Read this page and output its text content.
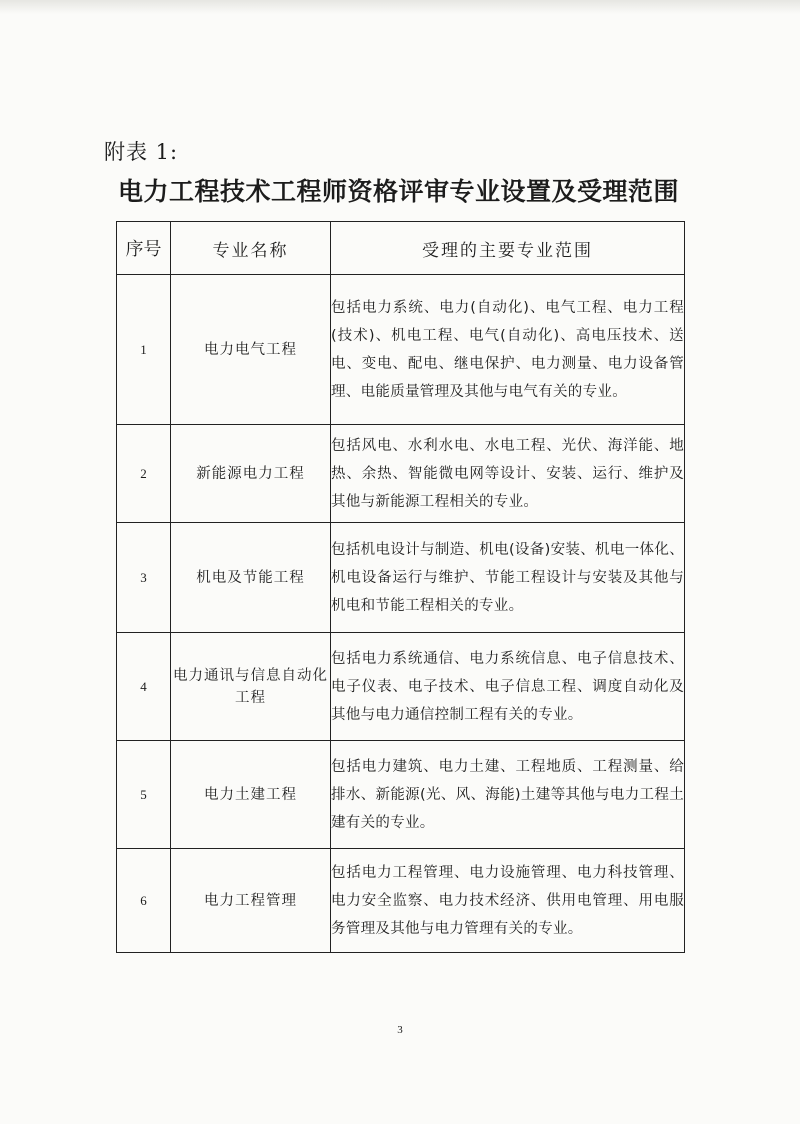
附表 1:
电力工程技术工程师资格评审专业设置及受理范围
序号	专业名称	受理的主要专业范围
1	电力电气工程	包括电力系统、电力(自动化)、电气工程、电力工程(技术)、机电工程、电气(自动化)、高电压技术、送电、变电、配电、继电保护、电力测量、电力设备管理、电能质量管理及其他与电气有关的专业。
2	新能源电力工程	包括风电、水利水电、水电工程、光伏、海洋能、地热、余热、智能微电网等设计、安装、运行、维护及其他与新能源工程相关的专业。
3	机电及节能工程	包括机电设计与制造、机电(设备)安装、机电一体化、机电设备运行与维护、节能工程设计与安装及其他与机电和节能工程相关的专业。
4	电力通讯与信息自动化工程	包括电力系统通信、电力系统信息、电子信息技术、电子仪表、电子技术、电子信息工程、调度自动化及其他与电力通信控制工程有关的专业。
5	电力土建工程	包括电力建筑、电力土建、工程地质、工程测量、给排水、新能源(光、风、海能)土建等其他与电力工程土建有关的专业。
6	电力工程管理	包括电力工程管理、电力设施管理、电力科技管理、电力安全监察、电力技术经济、供用电管理、用电服务管理及其他与电力管理有关的专业。
3
